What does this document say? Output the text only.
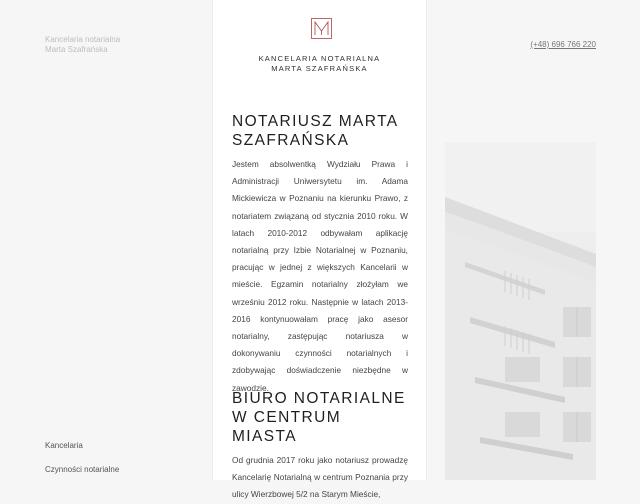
Kancelaria notarialna
Marta Szafrańska
Kancelaria
Czynności notarialne
KANCELARIA NOTARIALNA
MARTA SZAFRAŃSKA
NOTARIUSZ MARTA SZAFRAŃSKA

Jestem absolwentką Wydziału Prawa i Administracji Uniwersytetu im. Adama Mickiewicza w Poznaniu na kierunku Prawo, z notariatem związaną od stycznia 2010 roku. W latach 2010-2012 odbywałam aplikację notarialną przy Izbie Notarialnej w Poznaniu, pracując w jednej z większych Kancelarii w mieście. Egzamin notarialny złożyłam we wrześniu 2012 roku. Następnie w latach 2013-2016 kontynuowałam pracę jako asesor notarialny, zastępując notariusza w dokonywaniu czynności notarialnych i zdobywając doświadczenie niezbędne w zawodzie.

BIURO NOTARIALNE
W CENTRUM MIASTA

Od grudnia 2017 roku jako notariusz prowadzę Kancelarię Notarialną w centrum Poznania przy ulicy Wierzbowej 5/2 na Starym Mieście,

(+48) 696 766 220
